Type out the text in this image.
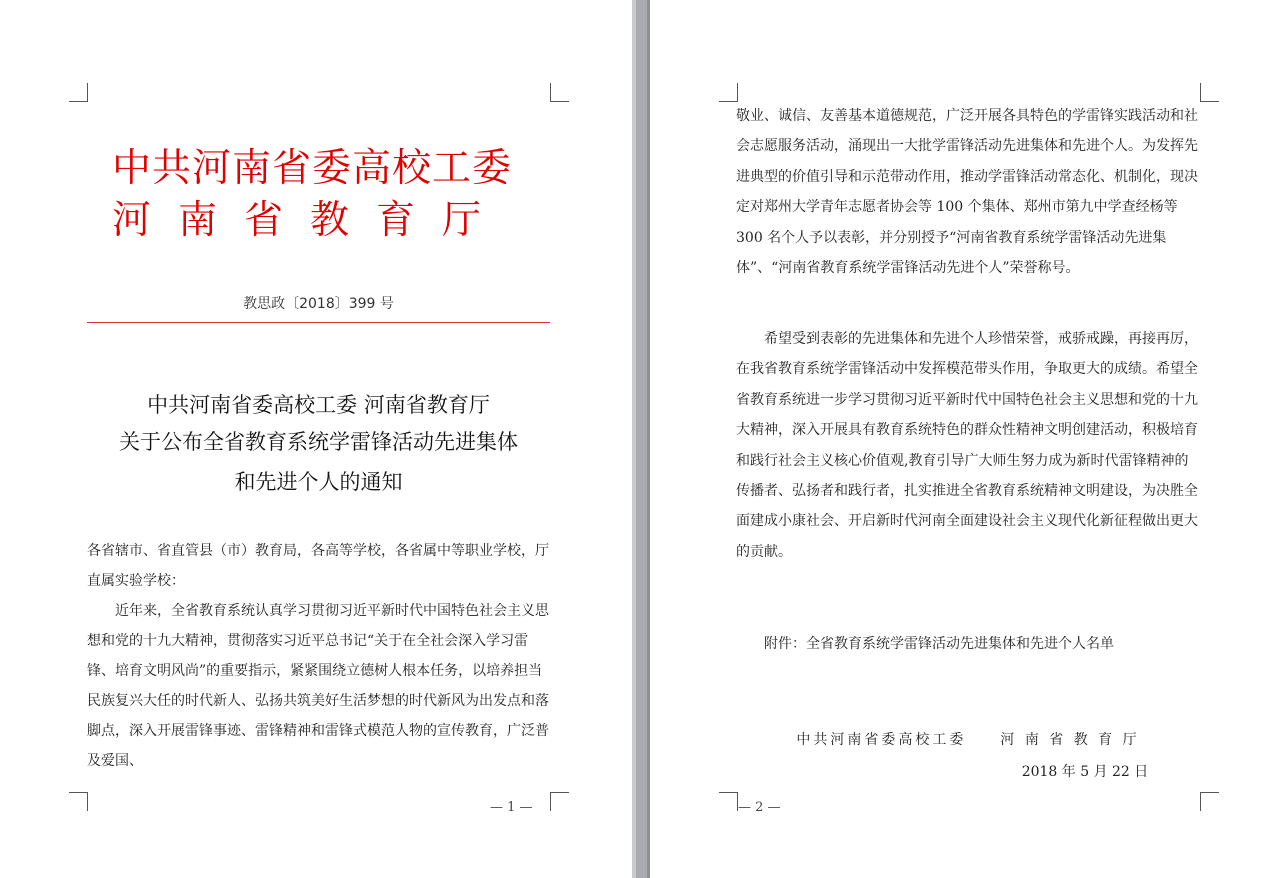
中共河南省委高校工委
河南省教育厅
教思政〔2018〕399 号
中共河南省委高校工委 河南省教育厅
关于公布全省教育系统学雷锋活动先进集体
和先进个人的通知
各省辖市、省直管县（市）教育局，各高等学校，各省属中等职业学校，厅直属实验学校：
近年来，全省教育系统认真学习贯彻习近平新时代中国特色社会主义思想和党的十九大精神，贯彻落实习近平总书记“关于在全社会深入学习雷锋、培育文明风尚”的重要指示，紧紧围绕立德树人根本任务，以培养担当民族复兴大任的时代新人、弘扬共筑美好生活梦想的时代新风为出发点和落脚点，深入开展雷锋事迹、雷锋精神和雷锋式模范人物的宣传教育，广泛普及爱国、
— 1 —
敬业、诚信、友善基本道德规范，广泛开展各具特色的学雷锋实践活动和社会志愿服务活动，涌现出一大批学雷锋活动先进集体和先进个人。为发挥先进典型的价值引导和示范带动作用，推动学雷锋活动常态化、机制化，现决定对郑州大学青年志愿者协会等 100 个集体、郑州市第九中学查经杨等 300 名个人予以表彰，并分别授予“河南省教育系统学雷锋活动先进集体”、“河南省教育系统学雷锋活动先进个人”荣誉称号。
希望受到表彰的先进集体和先进个人珍惜荣誉，戒骄戒躁，再接再厉，在我省教育系统学雷锋活动中发挥模范带头作用，争取更大的成绩。希望全省教育系统进一步学习贯彻习近平新时代中国特色社会主义思想和党的十九大精神，深入开展具有教育系统特色的群众性精神文明创建活动，积极培育和践行社会主义核心价值观,教育引导广大师生努力成为新时代雷锋精神的传播者、弘扬者和践行者，扎实推进全省教育系统精神文明建设，为决胜全面建成小康社会、开启新时代河南全面建设社会主义现代化新征程做出更大的贡献。
附件：全省教育系统学雷锋活动先进集体和先进个人名单
中共河南省委高校工委　　河 南 省 教 育 厅
2018 年 5 月 22 日
— 2 —
